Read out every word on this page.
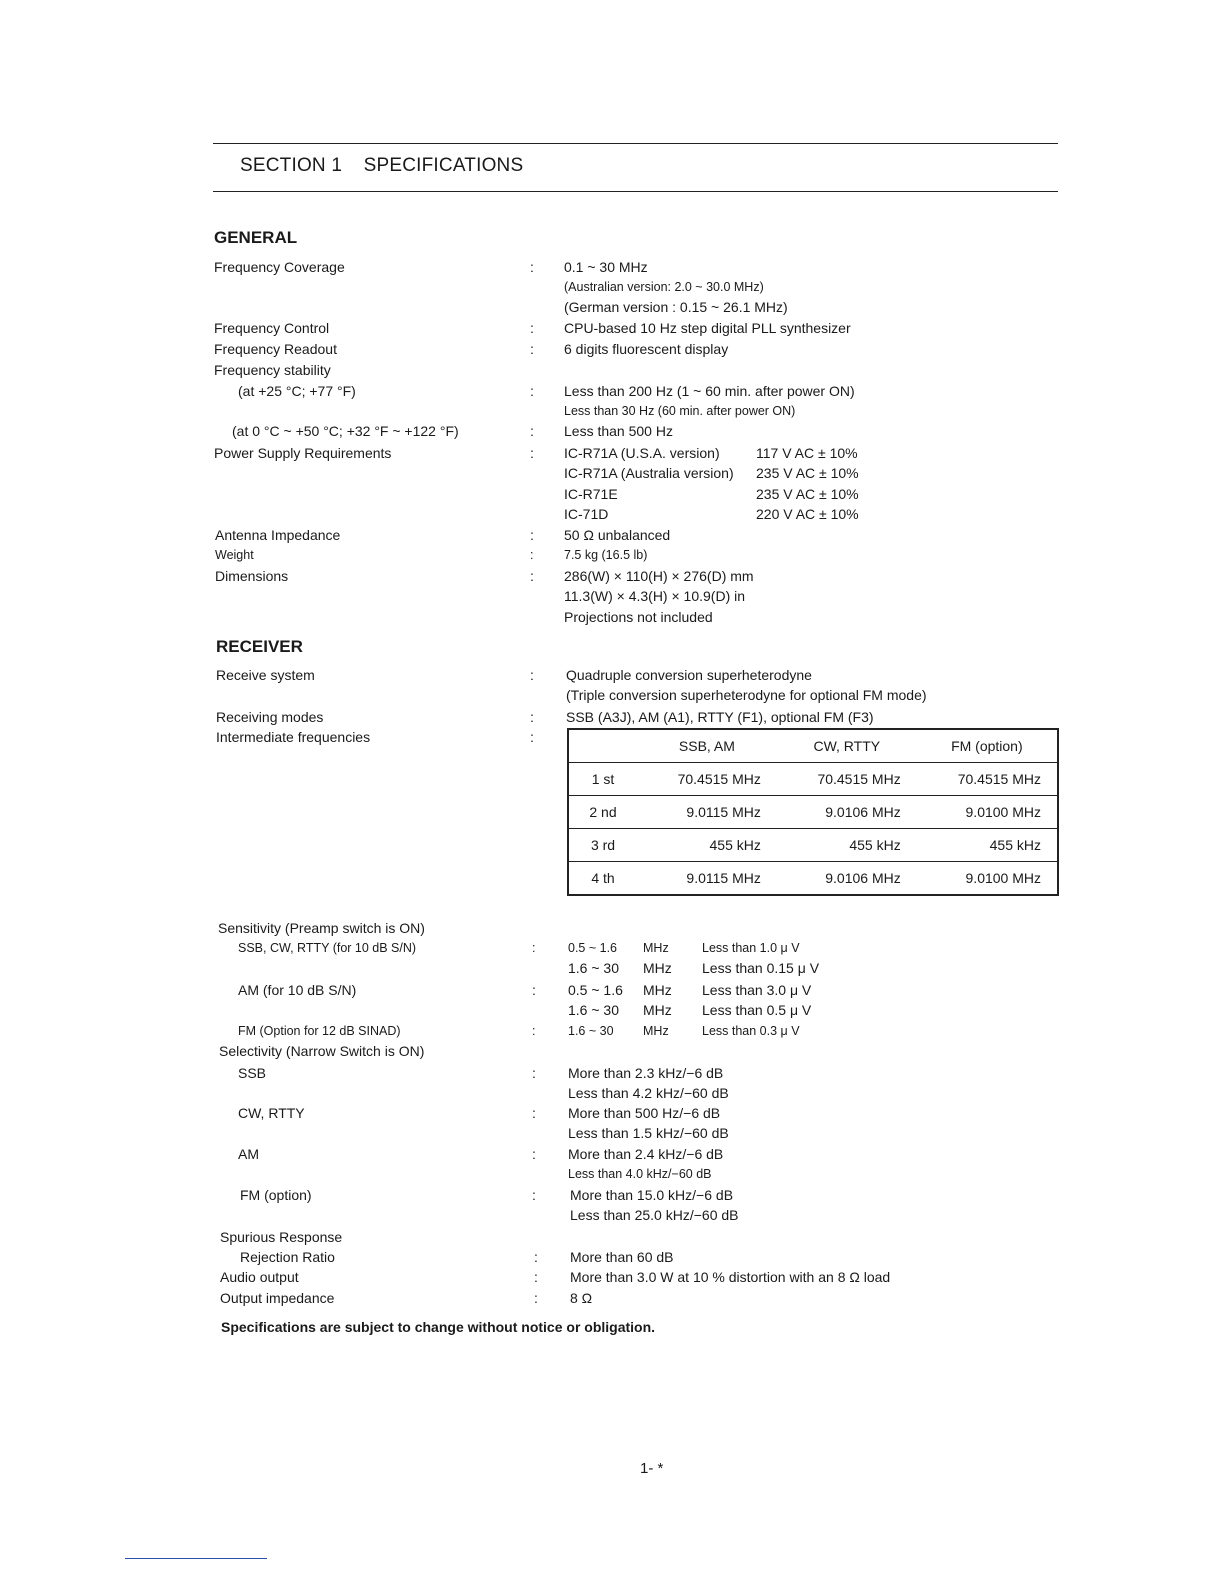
SECTION 1 SPECIFICATIONS
GENERAL
Frequency Coverage	: 0.1 ~ 30 MHz
(Australian version: 2.0 ~ 30.0 MHz)
(German version : 0.15 ~ 26.1 MHz)
Frequency Control	: CPU-based 10 Hz step digital PLL synthesizer
Frequency Readout	: 6 digits fluorescent display
Frequency stability
(at +25 °C; +77 °F)	: Less than 200 Hz (1 ~ 60 min. after power ON)
Less than 30 Hz (60 min. after power ON)
(at 0 °C ~ +50 °C; +32 °F ~ +122 °F)	: Less than 500 Hz
Power Supply Requirements	: IC-R71A (U.S.A. version)	117 V AC ± 10%
IC-R71A (Australia version) 235 V AC ± 10%
IC-R71E	235 V AC ± 10%
IC-71D	220 V AC ± 10%
Antenna Impedance	: 50 Ω unbalanced
Weight	: 7.5 kg (16.5 lb)
Dimensions	: 286(W) × 110(H) × 276(D) mm
11.3(W) × 4.3(H) × 10.9(D) in
Projections not included
RECEIVER
Receive system	: Quadruple conversion superheterodyne
(Triple conversion superheterodyne for optional FM mode)
Receiving modes	: SSB (A3J), AM (A1), RTTY (F1), optional FM (F3)
Intermediate frequencies	:
	SSB, AM	CW, RTTY	FM (option)
1 st	70.4515 MHz	70.4515 MHz	70.4515 MHz
2 nd	9.0115 MHz	9.0106 MHz	9.0100 MHz
3 rd	455 kHz	455 kHz	455 kHz
4 th	9.0115 MHz	9.0106 MHz	9.0100 MHz
Sensitivity (Preamp switch is ON)
SSB, CW, RTTY (for 10 dB S/N)	:	0.5 ~ 1.6 MHz	Less than 1.0 μ V
1.6 ~ 30 MHz Less than 0.15 μ V
AM (for 10 dB S/N)	: 0.5 ~ 1.6 MHz Less than 3.0 μ V
1.6 ~ 30 MHz Less than 0.5 μ V
FM (Option for 12 dB SINAD)	:	1.6 ~ 30 MHz	Less than 0.3 μ V
Selectivity (Narrow Switch is ON)
SSB	: More than 2.3 kHz/−6 dB
Less than 4.2 kHz/−60 dB
CW, RTTY	: More than 500 Hz/−6 dB
Less than 1.5 kHz/−60 dB
AM	: More than 2.4 kHz/−6 dB
Less than 4.0 kHz/−60 dB
FM (option)	: More than 15.0 kHz/−6 dB
Less than 25.0 kHz/−60 dB
Spurious Response
Rejection Ratio	: More than 60 dB
Audio output	: More than 3.0 W at 10 % distortion with an 8 Ω load
Output impedance	: 8 Ω
Specifications are subject to change without notice or obligation.
1- *
